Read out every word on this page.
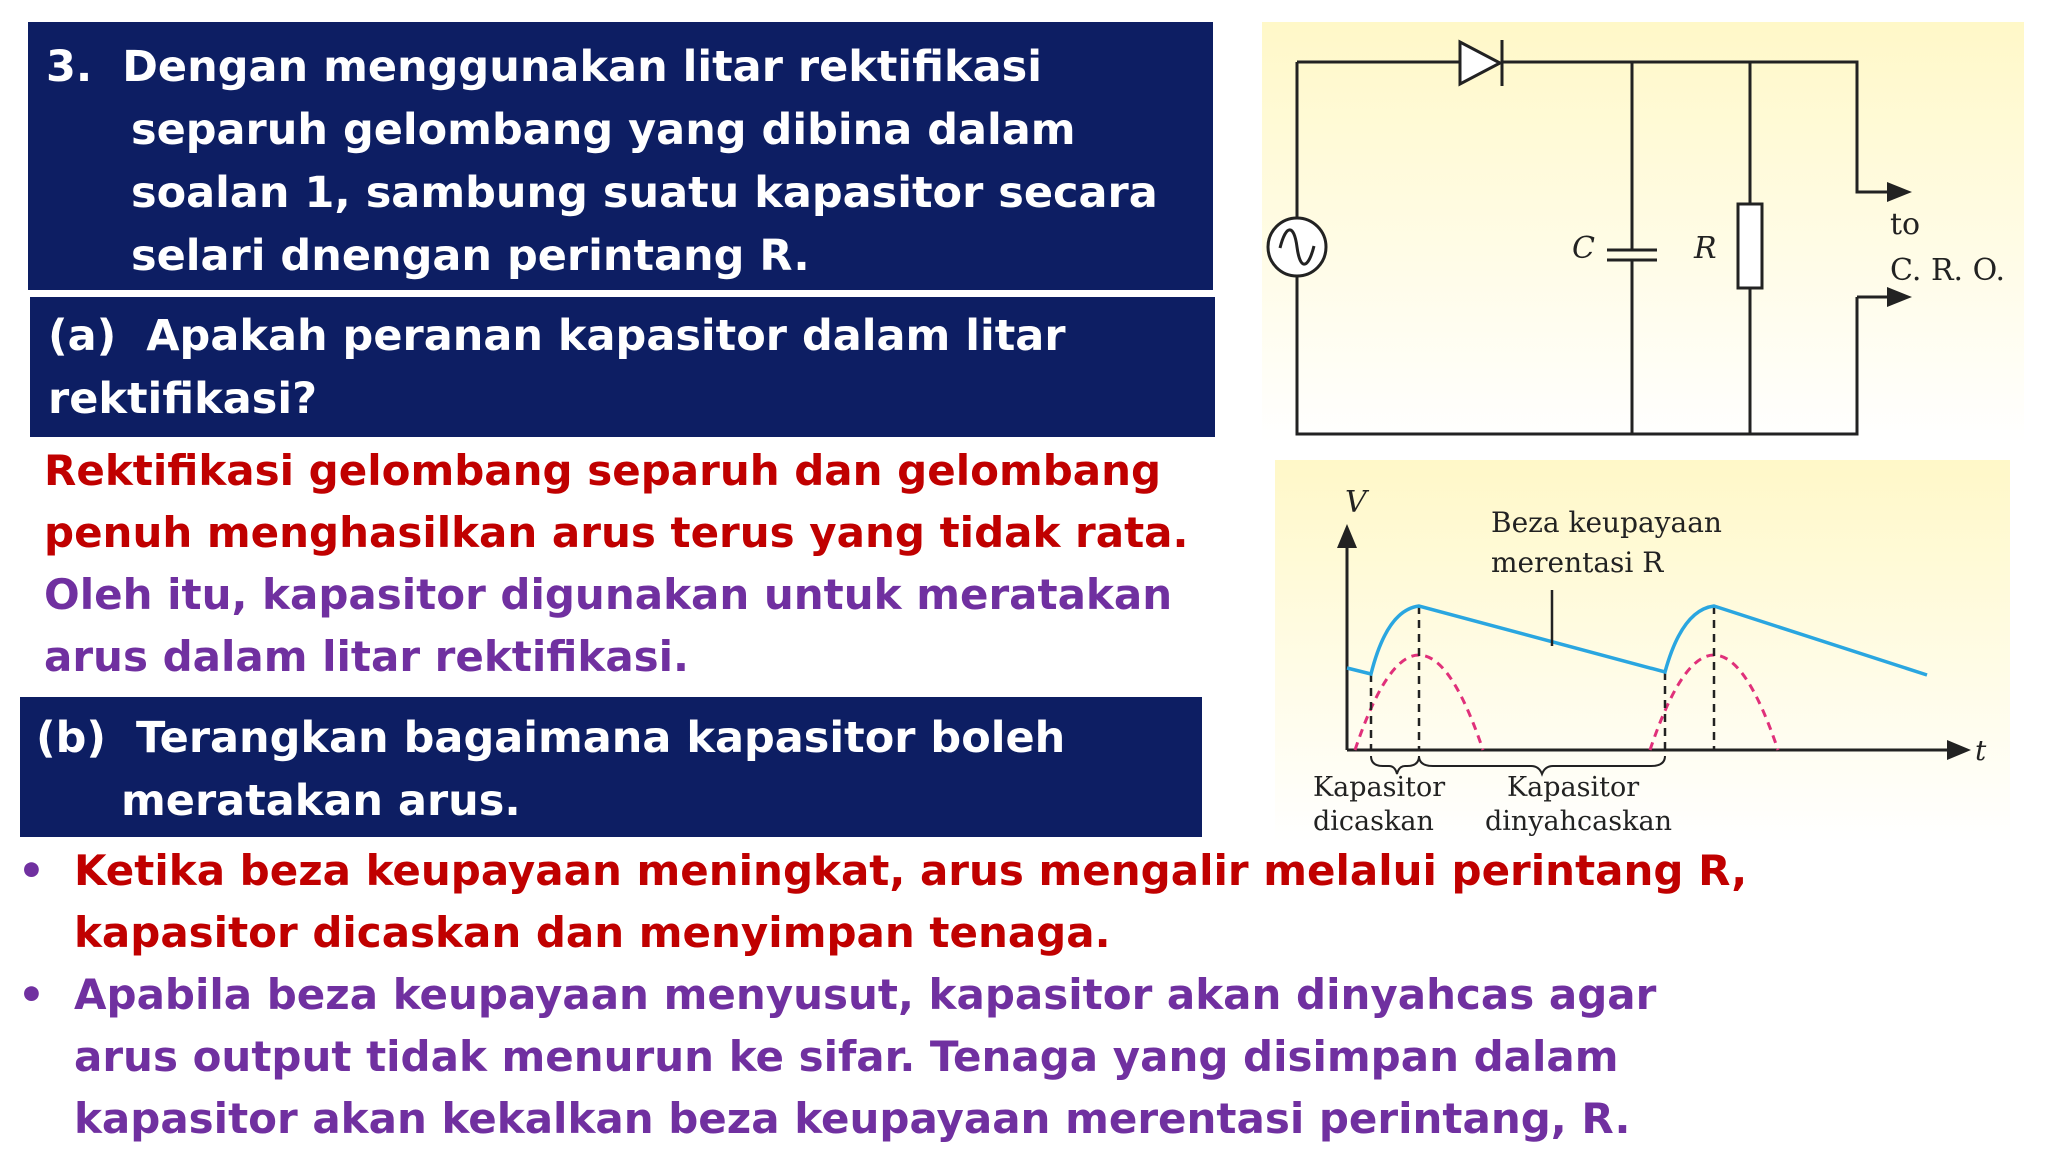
3. Dengan menggunakan litar rektifikasi separuh gelombang yang dibina dalam soalan 1, sambung suatu kapasitor secara selari dnengan perintang R.
(a) Apakah peranan kapasitor dalam litar rektifikasi?
Rektifikasi gelombang separuh dan gelombang penuh menghasilkan arus terus yang tidak rata. Oleh itu, kapasitor digunakan untuk meratakan arus dalam litar rektifikasi.
(b) Terangkan bagaimana kapasitor boleh meratakan arus.
• Ketika beza keupayaan meningkat, arus mengalir melalui perintang R, kapasitor dicaskan dan menyimpan tenaga.
• Apabila beza keupayaan menyusut, kapasitor akan dinyahcas agar arus output tidak menurun ke sifar. Tenaga yang disimpan dalam kapasitor akan kekalkan beza keupayaan merentasi perintang, R.
C	R
to
C. R. O.
V
t
Beza keupayaan
merentasi R
Kapasitor
dicaskan
Kapasitor
dinyahcaskan
